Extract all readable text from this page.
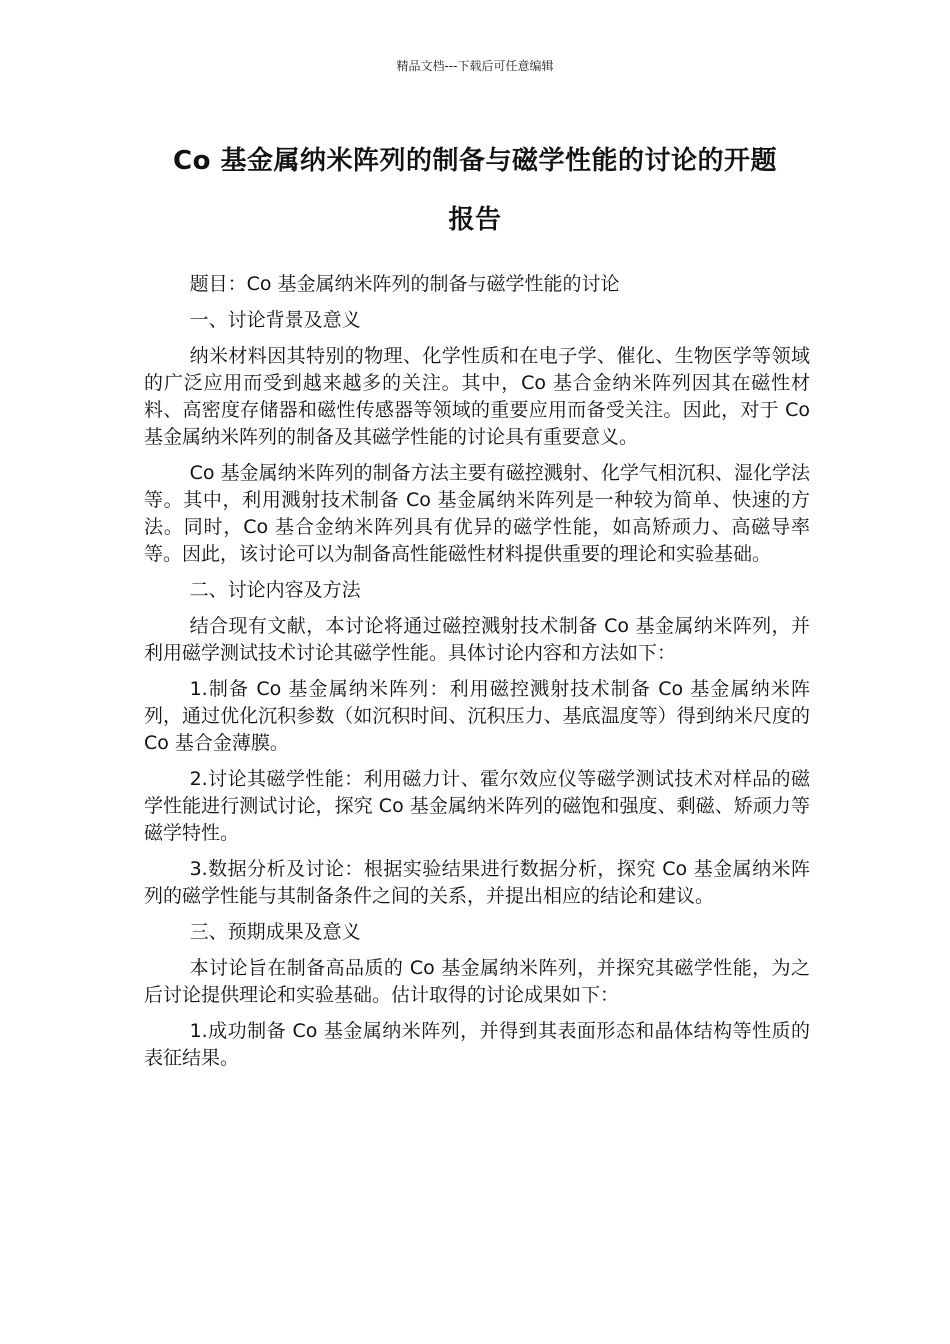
精品文档---下载后可任意编辑
Co 基金属纳米阵列的制备与磁学性能的讨论的开题
报告

题目：Co 基金属纳米阵列的制备与磁学性能的讨论

一、讨论背景及意义

纳米材料因其特别的物理、化学性质和在电子学、催化、生物医学等领域的广泛应用而受到越来越多的关注。其中，Co 基合金纳米阵列因其在磁性材料、高密度存储器和磁性传感器等领域的重要应用而备受关注。因此，对于 Co 基金属纳米阵列的制备及其磁学性能的讨论具有重要意义。

Co 基金属纳米阵列的制备方法主要有磁控溅射、化学气相沉积、湿化学法等。其中，利用溅射技术制备 Co 基金属纳米阵列是一种较为简单、快速的方法。同时，Co 基合金纳米阵列具有优异的磁学性能，如高矫顽力、高磁导率等。因此，该讨论可以为制备高性能磁性材料提供重要的理论和实验基础。

二、讨论内容及方法

结合现有文献，本讨论将通过磁控溅射技术制备 Co 基金属纳米阵列，并利用磁学测试技术讨论其磁学性能。具体讨论内容和方法如下：

1.制备 Co 基金属纳米阵列：利用磁控溅射技术制备 Co 基金属纳米阵列，通过优化沉积参数（如沉积时间、沉积压力、基底温度等）得到纳米尺度的 Co 基合金薄膜。

2.讨论其磁学性能：利用磁力计、霍尔效应仪等磁学测试技术对样品的磁学性能进行测试讨论，探究 Co 基金属纳米阵列的磁饱和强度、剩磁、矫顽力等磁学特性。

3.数据分析及讨论：根据实验结果进行数据分析，探究 Co 基金属纳米阵列的磁学性能与其制备条件之间的关系，并提出相应的结论和建议。

三、预期成果及意义

本讨论旨在制备高品质的 Co 基金属纳米阵列，并探究其磁学性能，为之后讨论提供理论和实验基础。估计取得的讨论成果如下：

1.成功制备 Co 基金属纳米阵列，并得到其表面形态和晶体结构等性质的表征结果。
